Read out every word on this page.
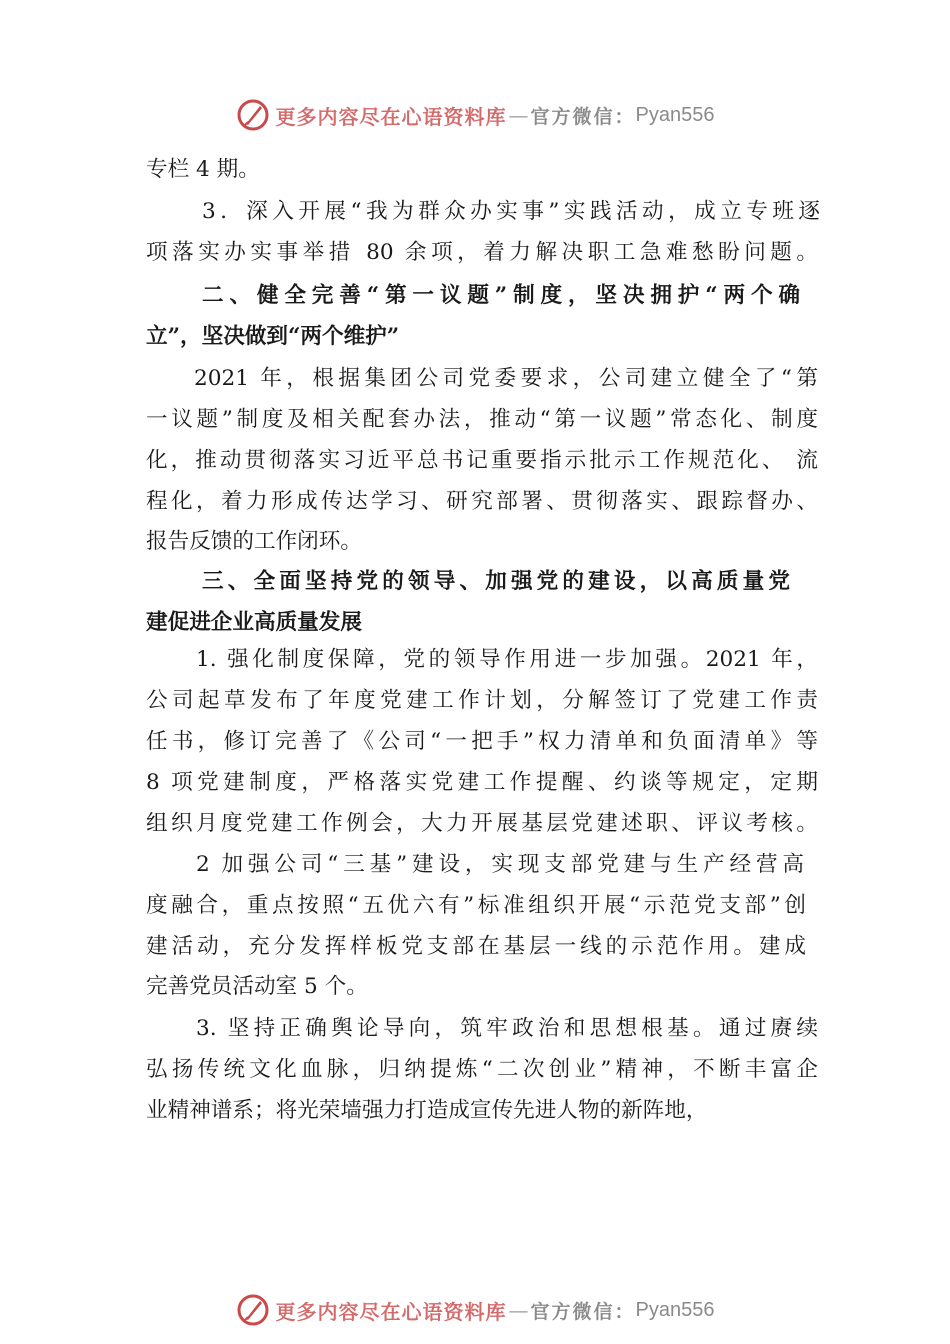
更多内容尽在心语资料库 — 官方微信： Pyan556
专栏 4 期。
3．深入开展“我为群众办实事”实践活动，成立专班逐
项落实办实事举措 80 余项，着力解决职工急难愁盼问题。
二、健全完善“第一议题”制度，坚决拥护“两个确
立”，坚决做到“两个维护”
2021 年，根据集团公司党委要求，公司建立健全了“第
一议题”制度及相关配套办法，推动“第一议题”常态化、制度
化，推动贯彻落实习近平总书记重要指示批示工作规范化、 流
程化，着力形成传达学习、研究部署、贯彻落实、跟踪督办、
报告反馈的工作闭环。
三、全面坚持党的领导、加强党的建设，以高质量党
建促进企业高质量发展
1. 强化制度保障，党的领导作用进一步加强。2021 年，
公司起草发布了年度党建工作计划，分解签订了党建工作责
任书，修订完善了《公司“一把手”权力清单和负面清单》等
8 项党建制度，严格落实党建工作提醒、约谈等规定，定期
组织月度党建工作例会，大力开展基层党建述职、评议考核。
2 加强公司“三基”建设，实现支部党建与生产经营高
度融合，重点按照“五优六有”标准组织开展“示范党支部”创
建活动，充分发挥样板党支部在基层一线的示范作用。建成
完善党员活动室 5 个。
3. 坚持正确舆论导向，筑牢政治和思想根基。通过赓续
弘扬传统文化血脉，归纳提炼“二次创业”精神，不断丰富企
业精神谱系；将光荣墙强力打造成宣传先进人物的新阵地，
更多内容尽在心语资料库 — 官方微信： Pyan556
